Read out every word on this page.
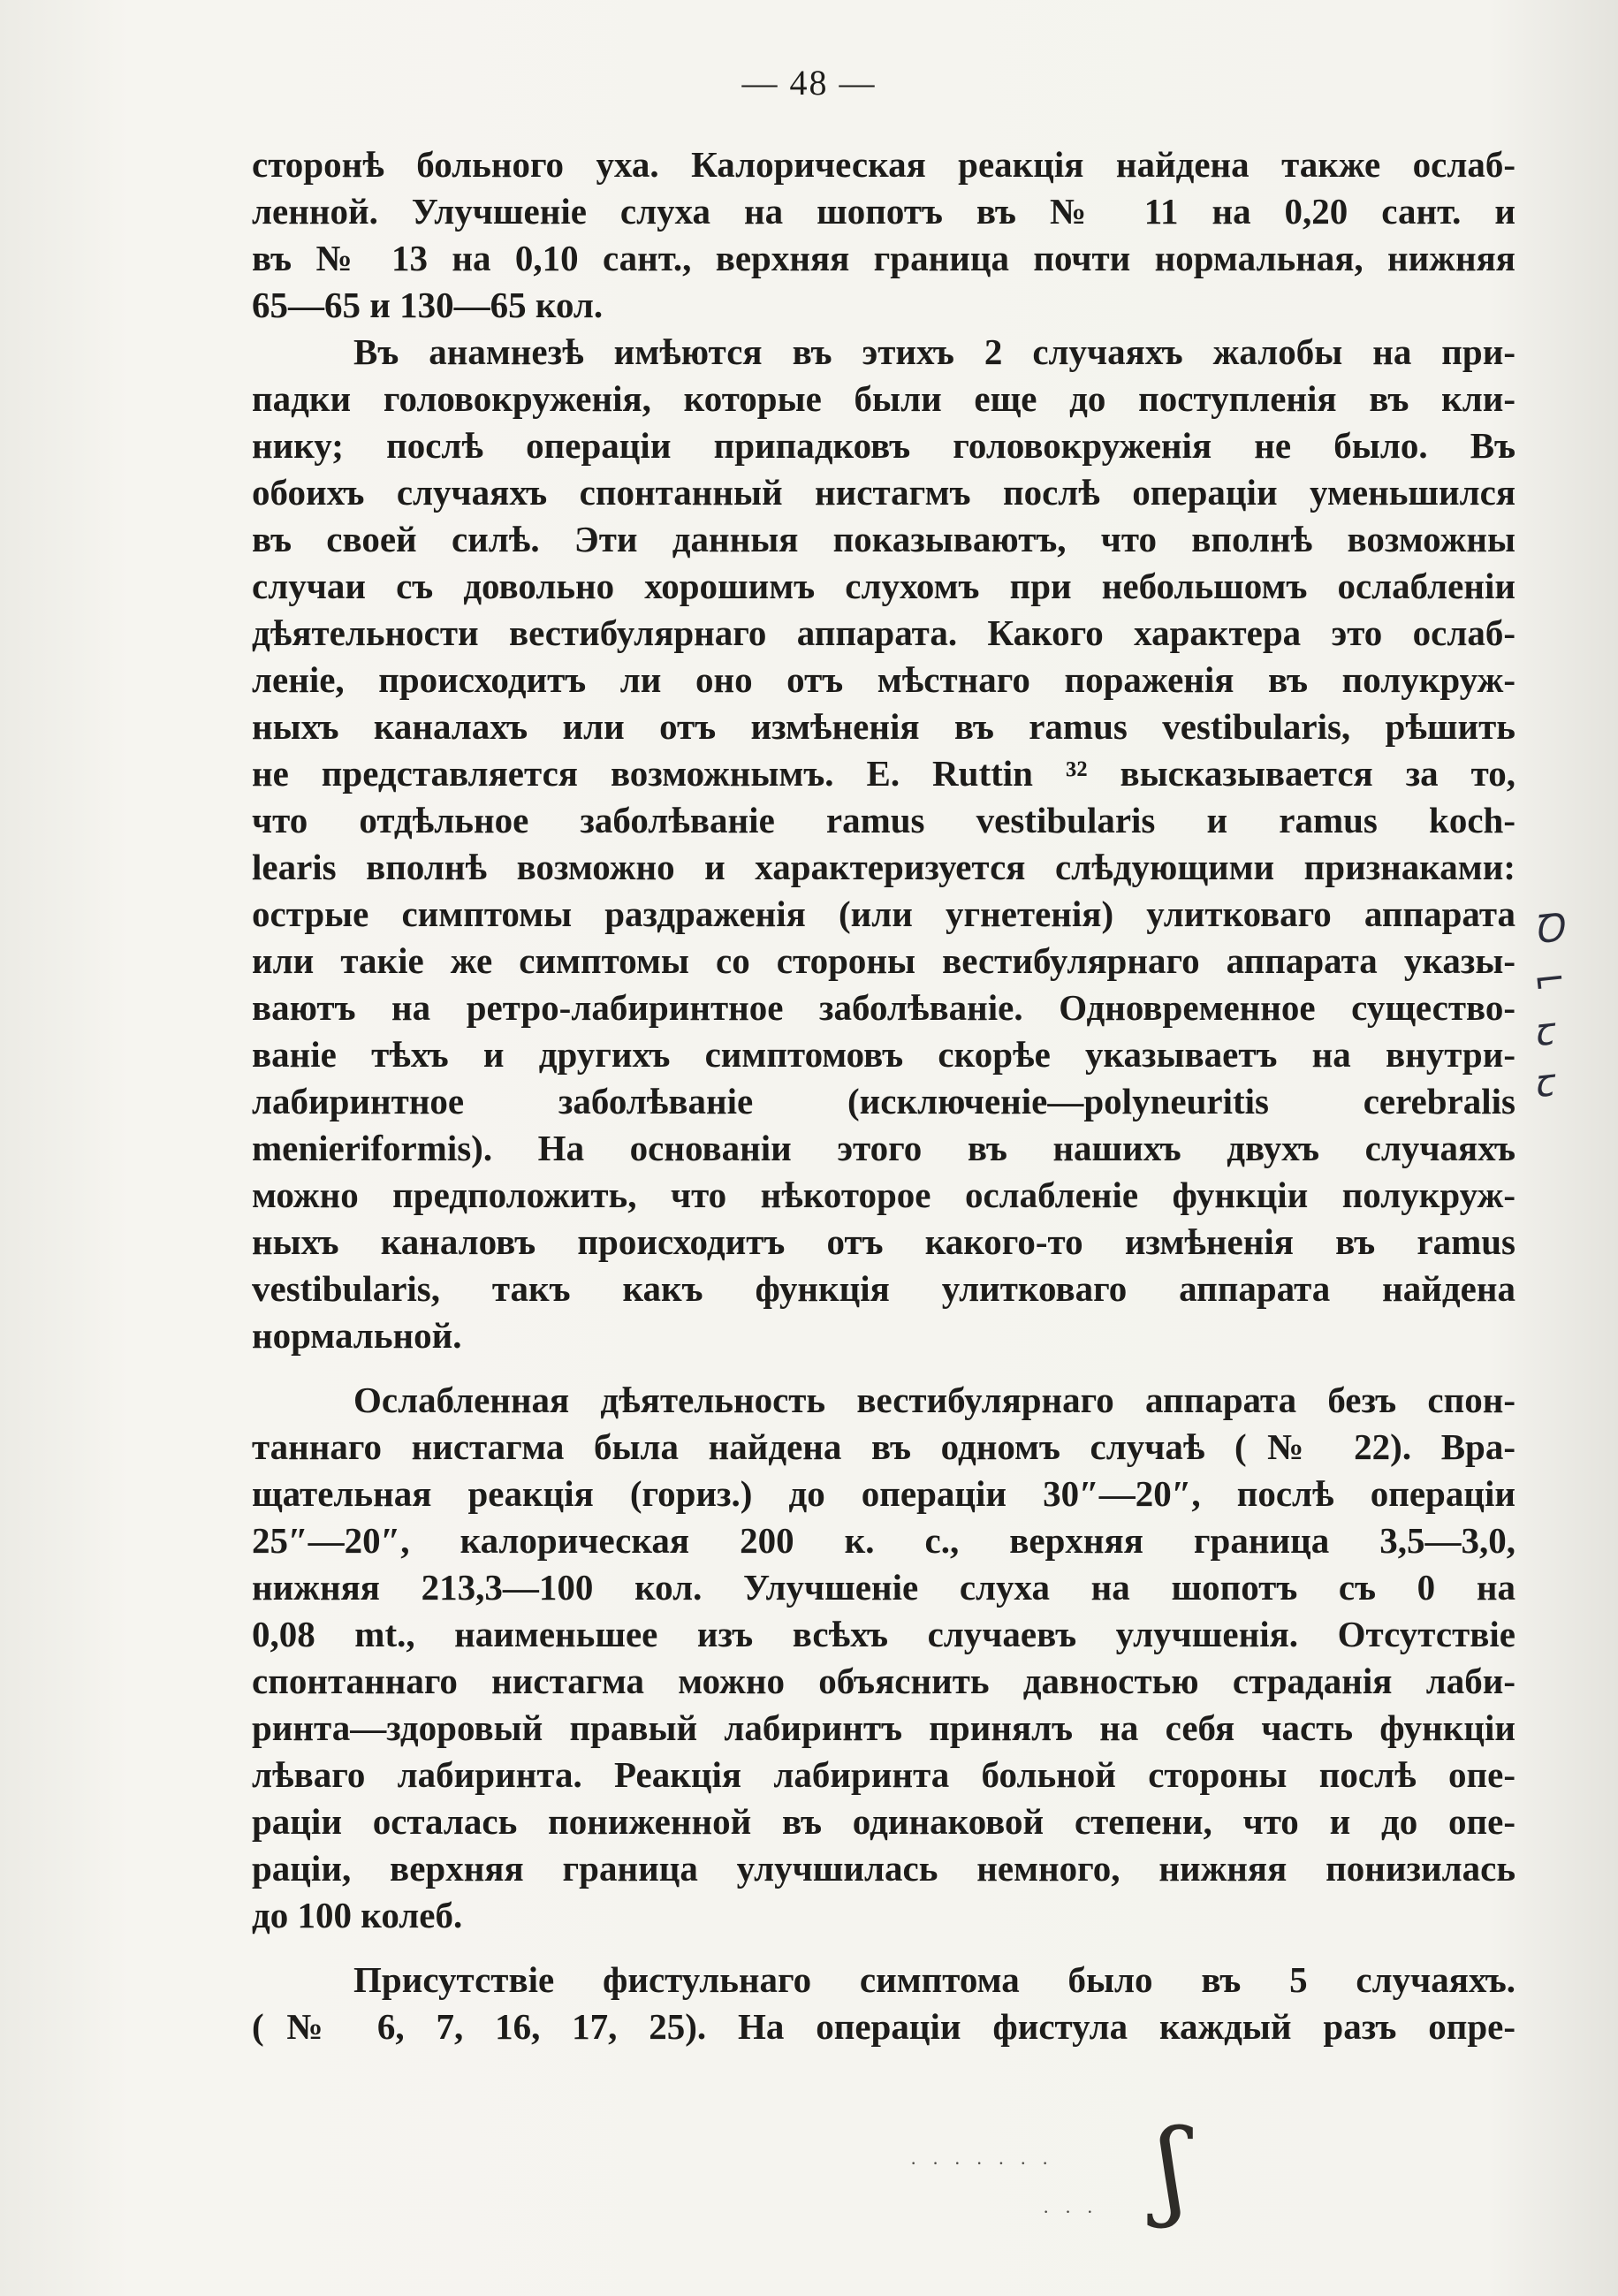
— 48 —
сторонѣ больного уха. Калорическая реакція найдена также ослаб-
ленной. Улучшеніе слуха на шопотъ въ № 11 на 0,20 сант. и
въ № 13 на 0,10 сант., верхняя граница почти нормальная, нижняя
65—65 и 130—65 кол.
Въ анамнезѣ имѣются въ этихъ 2 случаяхъ жалобы на при-
падки головокруженія, которые были еще до поступленія въ кли-
нику; послѣ операціи припадковъ головокруженія не было. Въ
обоихъ случаяхъ спонтанный нистагмъ послѣ операціи уменьшился
въ своей силѣ. Эти данныя показываютъ, что вполнѣ возможны
случаи съ довольно хорошимъ слухомъ при небольшомъ ослабленіи
дѣятельности вестибулярнаго аппарата. Какого характера это ослаб-
леніе, происходитъ ли оно отъ мѣстнаго пораженія въ полукруж-
ныхъ каналахъ или отъ измѣненія въ ramus vestibularis, рѣшить
не представляется возможнымъ. E. Ruttin ³² высказывается за то,
что отдѣльное заболѣваніе ramus vestibularis и ramus koch-
learis вполнѣ возможно и характеризуется слѣдующими признаками:
острые симптомы раздраженія (или угнетенія) улитковаго аппарата
или такіе же симптомы со стороны вестибулярнаго аппарата указы-
ваютъ на ретро-лабиринтное заболѣваніе. Одновременное существо-
ваніе тѣхъ и другихъ симптомовъ скорѣе указываетъ на внутри-
лабиринтное заболѣваніе (исключеніе—polyneuritis cerebralis
menieriformis). На основаніи этого въ нашихъ двухъ случаяхъ
можно предположить, что нѣкоторое ослабленіе функціи полукруж-
ныхъ каналовъ происходитъ отъ какого-то измѣненія въ ramus
vestibularis, такъ какъ функція улитковаго аппарата найдена
нормальной.
Ослабленная дѣятельность вестибулярнаго аппарата безъ спон-
таннаго нистагма была найдена въ одномъ случаѣ (№ 22). Вра-
щательная реакція (гориз.) до операціи 30″—20″, послѣ операціи
25″—20″, калорическая 200 к. с., верхняя граница 3,5—3,0,
нижняя 213,3—100 кол. Улучшеніе слуха на шопотъ съ 0 на
0,08 mt., наименьшее изъ всѣхъ случаевъ улучшенія. Отсутствіе
спонтаннаго нистагма можно объяснить давностью страданія лаби-
ринта—здоровый правый лабиринтъ принялъ на себя часть функціи
лѣваго лабиринта. Реакція лабиринта больной стороны послѣ опе-
раціи осталась пониженной въ одинаковой степени, что и до опе-
раціи, верхняя граница улучшилась немного, нижняя понизилась
до 100 колеб.
Присутствіе фистульнаго симптома было въ 5 случаяхъ.
(№ 6, 7, 16, 17, 25). На операціи фистула каждый разъ опре-
Ꝺ
⌐
ꞇ
ꞇ
· · · · · · ·
· · · ʃ
